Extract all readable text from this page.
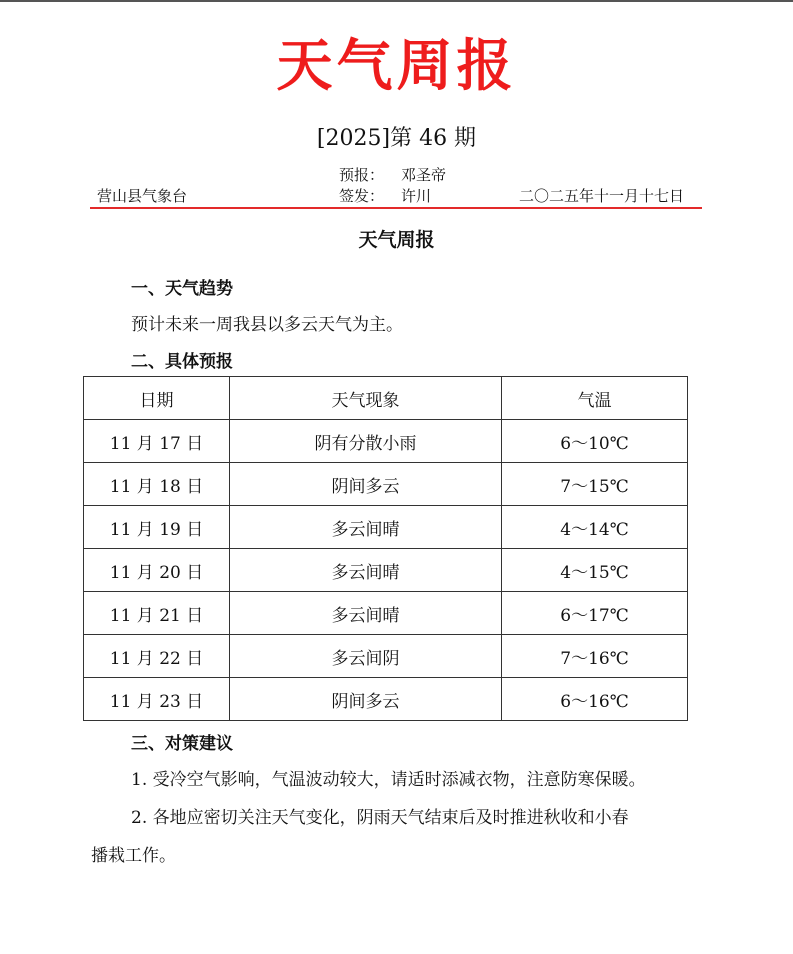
天气周报
[2025]第 46 期
预报： 邓圣帝
营山县气象台	签发： 许川	二〇二五年十一月十七日
天气周报
一、天气趋势
预计未来一周我县以多云天气为主。
二、具体预报
日期	天气现象	气温
11 月 17 日	阴有分散小雨	6～10℃
11 月 18 日	阴间多云	7～15℃
11 月 19 日	多云间晴	4～14℃
11 月 20 日	多云间晴	4～15℃
11 月 21 日	多云间晴	6～17℃
11 月 22 日	多云间阴	7～16℃
11 月 23 日	阴间多云	6～16℃
三、对策建议
1. 受冷空气影响，气温波动较大，请适时添减衣物，注意防寒保暖。
2. 各地应密切关注天气变化，阴雨天气结束后及时推进秋收和小春
播栽工作。
